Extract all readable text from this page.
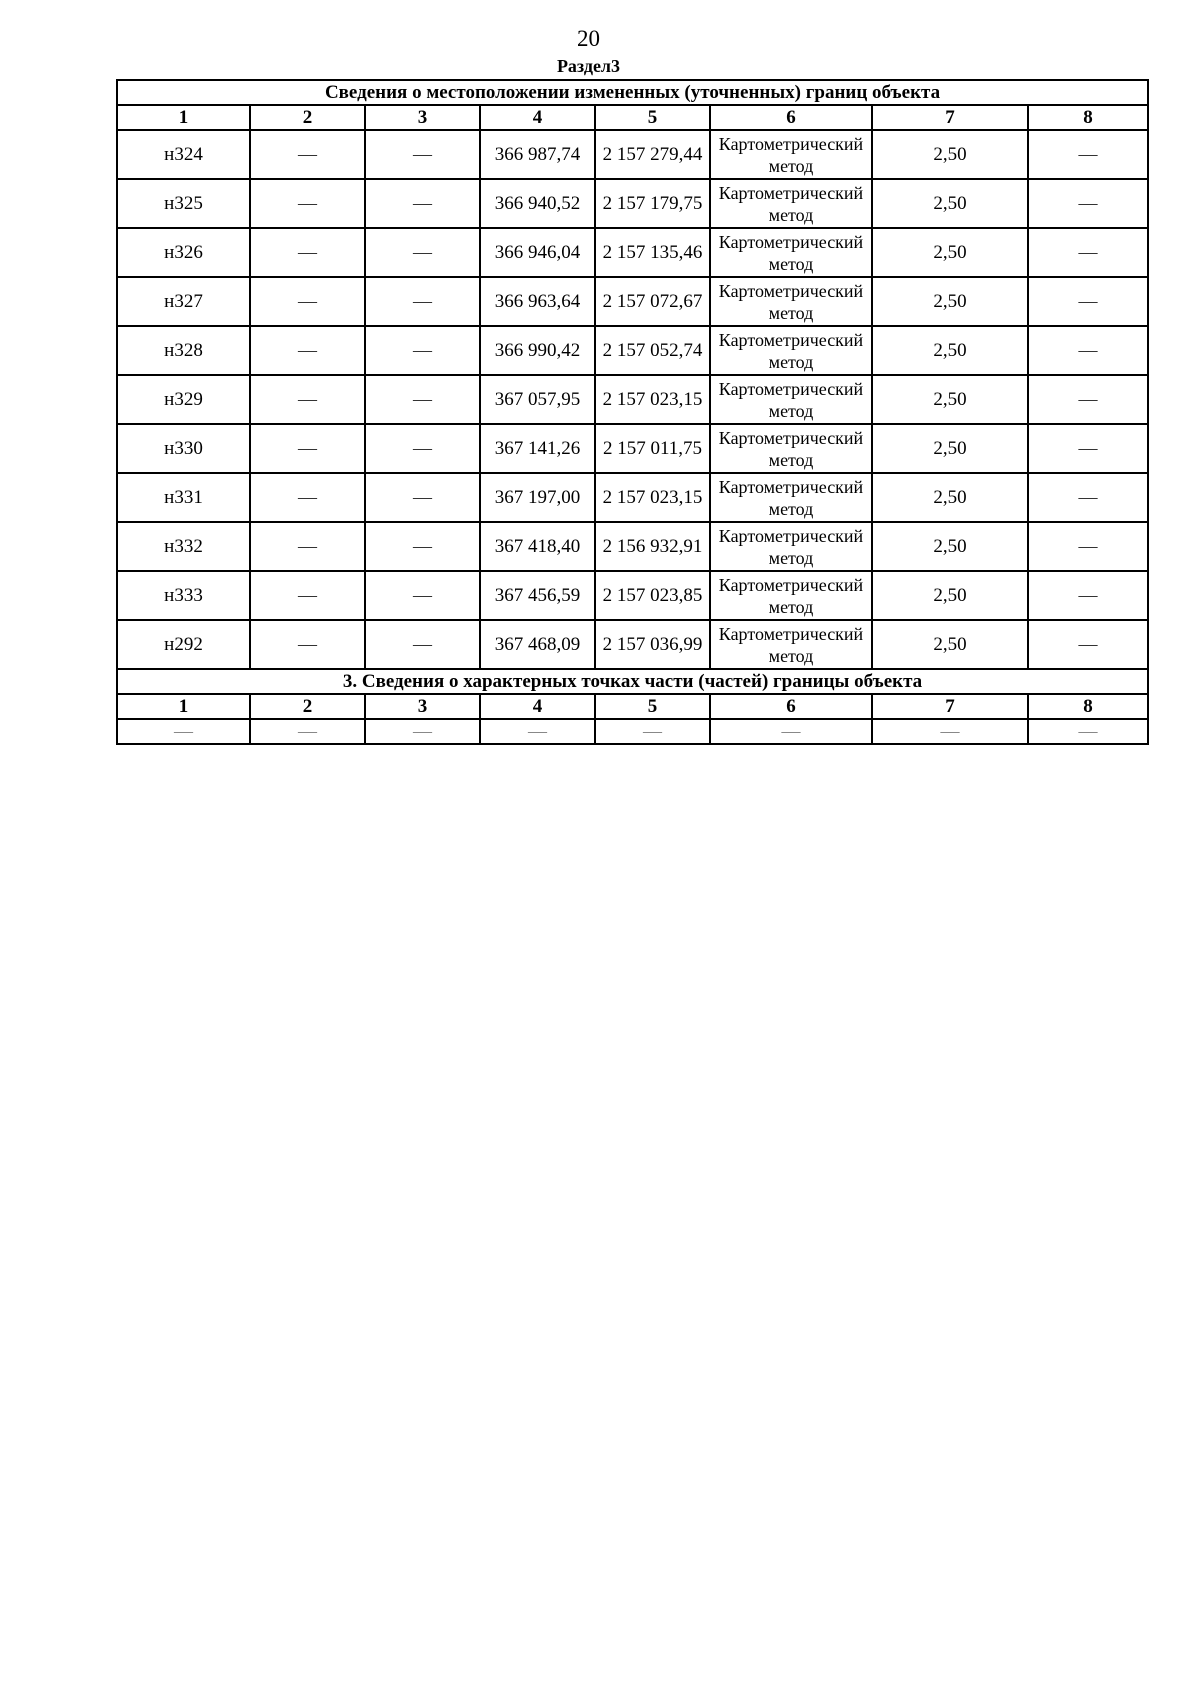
20
Раздел3
Сведения о местоположении измененных (уточненных) границ объекта							
1	2	3	4	5	6	7	8
н324	—	—	366 987,74	2 157 279,44	Картометрический метод	2,50	—
н325	—	—	366 940,52	2 157 179,75	Картометрический метод	2,50	—
н326	—	—	366 946,04	2 157 135,46	Картометрический метод	2,50	—
н327	—	—	366 963,64	2 157 072,67	Картометрический метод	2,50	—
н328	—	—	366 990,42	2 157 052,74	Картометрический метод	2,50	—
н329	—	—	367 057,95	2 157 023,15	Картометрический метод	2,50	—
н330	—	—	367 141,26	2 157 011,75	Картометрический метод	2,50	—
н331	—	—	367 197,00	2 157 023,15	Картометрический метод	2,50	—
н332	—	—	367 418,40	2 156 932,91	Картометрический метод	2,50	—
н333	—	—	367 456,59	2 157 023,85	Картометрический метод	2,50	—
н292	—	—	367 468,09	2 157 036,99	Картометрический метод	2,50	—
3. Сведения о характерных точках части (частей) границы объекта							
1	2	3	4	5	6	7	8
—	—	—	—	—	—	—	—
